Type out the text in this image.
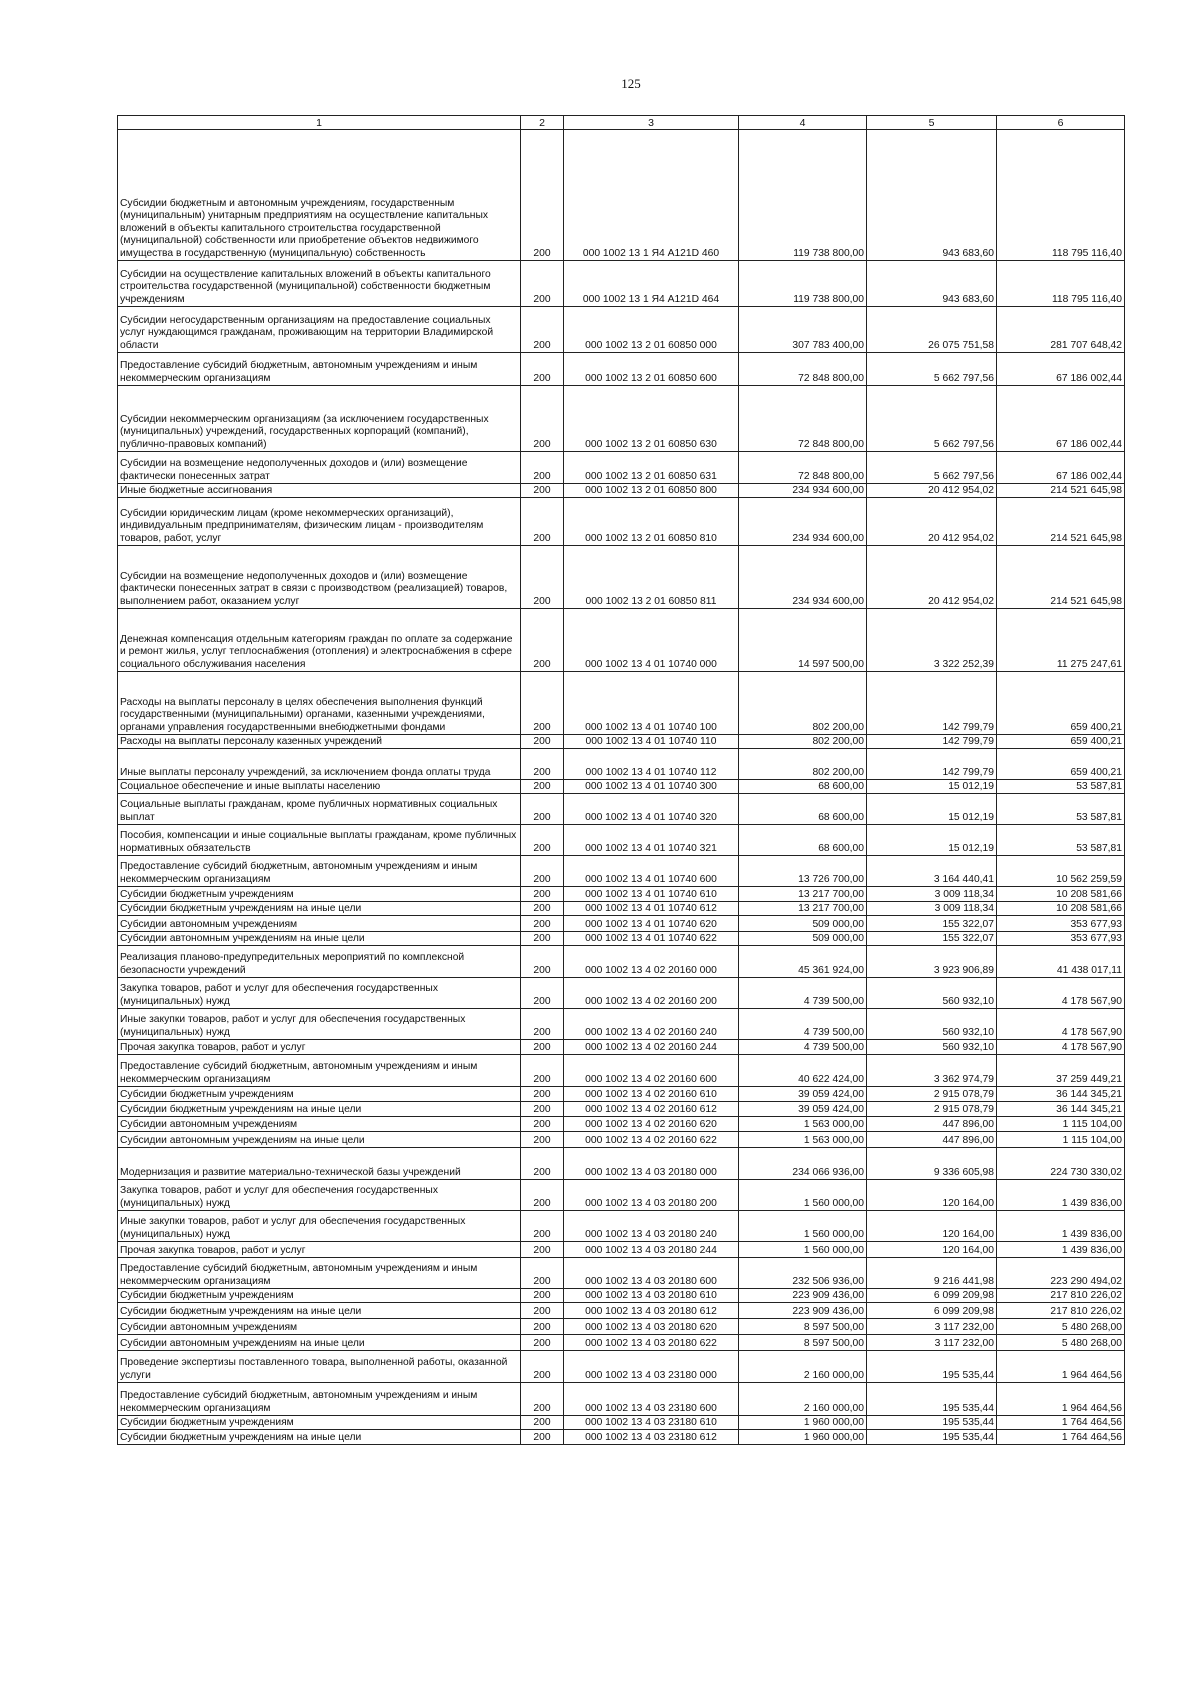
125
1	2	3	4	5	6
Субсидии бюджетным и автономным учреждениям, государственным (муниципальным) унитарным предприятиям на осуществление капитальных вложений в объекты капитального строительства государственной (муниципальной) собственности или приобретение объектов недвижимого имущества в государственную (муниципальную) собственность	200	000 1002 13 1 Я4 А121D 460	119 738 800,00	943 683,60	118 795 116,40
Субсидии на осуществление капитальных вложений в объекты капитального строительства государственной (муниципальной) собственности бюджетным учреждениям	200	000 1002 13 1 Я4 А121D 464	119 738 800,00	943 683,60	118 795 116,40
Субсидии негосударственным организациям на предоставление социальных услуг нуждающимся гражданам, проживающим на территории Владимирской области	200	000 1002 13 2 01 60850 000	307 783 400,00	26 075 751,58	281 707 648,42
Предоставление субсидий бюджетным, автономным учреждениям и иным некоммерческим организациям	200	000 1002 13 2 01 60850 600	72 848 800,00	5 662 797,56	67 186 002,44
Субсидии некоммерческим организациям (за исключением государственных (муниципальных) учреждений, государственных корпораций (компаний), публично-правовых компаний)	200	000 1002 13 2 01 60850 630	72 848 800,00	5 662 797,56	67 186 002,44
Субсидии на возмещение недополученных доходов и (или) возмещение фактически понесенных затрат	200	000 1002 13 2 01 60850 631	72 848 800,00	5 662 797,56	67 186 002,44
Иные бюджетные ассигнования	200	000 1002 13 2 01 60850 800	234 934 600,00	20 412 954,02	214 521 645,98
Субсидии юридическим лицам (кроме некоммерческих организаций), индивидуальным предпринимателям, физическим лицам - производителям товаров, работ, услуг	200	000 1002 13 2 01 60850 810	234 934 600,00	20 412 954,02	214 521 645,98
Субсидии на возмещение недополученных доходов и (или) возмещение фактически понесенных затрат в связи с производством (реализацией) товаров, выполнением работ, оказанием услуг	200	000 1002 13 2 01 60850 811	234 934 600,00	20 412 954,02	214 521 645,98
Денежная компенсация отдельным категориям граждан по оплате за содержание и ремонт жилья, услуг теплоснабжения (отопления) и электроснабжения в сфере социального обслуживания населения	200	000 1002 13 4 01 10740 000	14 597 500,00	3 322 252,39	11 275 247,61
Расходы на выплаты персоналу в целях обеспечения выполнения функций государственными (муниципальными) органами, казенными учреждениями, органами управления государственными внебюджетными фондами	200	000 1002 13 4 01 10740 100	802 200,00	142 799,79	659 400,21
Расходы на выплаты персоналу казенных учреждений	200	000 1002 13 4 01 10740 110	802 200,00	142 799,79	659 400,21
Иные выплаты персоналу учреждений, за исключением фонда оплаты труда	200	000 1002 13 4 01 10740 112	802 200,00	142 799,79	659 400,21
Социальное обеспечение и иные выплаты населению	200	000 1002 13 4 01 10740 300	68 600,00	15 012,19	53 587,81
Социальные выплаты гражданам, кроме публичных нормативных социальных выплат	200	000 1002 13 4 01 10740 320	68 600,00	15 012,19	53 587,81
Пособия, компенсации и иные социальные выплаты гражданам, кроме публичных нормативных обязательств	200	000 1002 13 4 01 10740 321	68 600,00	15 012,19	53 587,81
Предоставление субсидий бюджетным, автономным учреждениям и иным некоммерческим организациям	200	000 1002 13 4 01 10740 600	13 726 700,00	3 164 440,41	10 562 259,59
Субсидии бюджетным учреждениям	200	000 1002 13 4 01 10740 610	13 217 700,00	3 009 118,34	10 208 581,66
Субсидии бюджетным учреждениям на иные цели	200	000 1002 13 4 01 10740 612	13 217 700,00	3 009 118,34	10 208 581,66
Субсидии автономным учреждениям	200	000 1002 13 4 01 10740 620	509 000,00	155 322,07	353 677,93
Субсидии автономным учреждениям на иные цели	200	000 1002 13 4 01 10740 622	509 000,00	155 322,07	353 677,93
Реализация планово-предупредительных мероприятий по комплексной безопасности учреждений	200	000 1002 13 4 02 20160 000	45 361 924,00	3 923 906,89	41 438 017,11
Закупка товаров, работ и услуг для обеспечения государственных (муниципальных) нужд	200	000 1002 13 4 02 20160 200	4 739 500,00	560 932,10	4 178 567,90
Иные закупки товаров, работ и услуг для обеспечения государственных (муниципальных) нужд	200	000 1002 13 4 02 20160 240	4 739 500,00	560 932,10	4 178 567,90
Прочая закупка товаров, работ и услуг	200	000 1002 13 4 02 20160 244	4 739 500,00	560 932,10	4 178 567,90
Предоставление субсидий бюджетным, автономным учреждениям и иным некоммерческим организациям	200	000 1002 13 4 02 20160 600	40 622 424,00	3 362 974,79	37 259 449,21
Субсидии бюджетным учреждениям	200	000 1002 13 4 02 20160 610	39 059 424,00	2 915 078,79	36 144 345,21
Субсидии бюджетным учреждениям на иные цели	200	000 1002 13 4 02 20160 612	39 059 424,00	2 915 078,79	36 144 345,21
Субсидии автономным учреждениям	200	000 1002 13 4 02 20160 620	1 563 000,00	447 896,00	1 115 104,00
Субсидии автономным учреждениям на иные цели	200	000 1002 13 4 02 20160 622	1 563 000,00	447 896,00	1 115 104,00
Модернизация и развитие материально-технической базы учреждений	200	000 1002 13 4 03 20180 000	234 066 936,00	9 336 605,98	224 730 330,02
Закупка товаров, работ и услуг для обеспечения государственных (муниципальных) нужд	200	000 1002 13 4 03 20180 200	1 560 000,00	120 164,00	1 439 836,00
Иные закупки товаров, работ и услуг для обеспечения государственных (муниципальных) нужд	200	000 1002 13 4 03 20180 240	1 560 000,00	120 164,00	1 439 836,00
Прочая закупка товаров, работ и услуг	200	000 1002 13 4 03 20180 244	1 560 000,00	120 164,00	1 439 836,00
Предоставление субсидий бюджетным, автономным учреждениям и иным некоммерческим организациям	200	000 1002 13 4 03 20180 600	232 506 936,00	9 216 441,98	223 290 494,02
Субсидии бюджетным учреждениям	200	000 1002 13 4 03 20180 610	223 909 436,00	6 099 209,98	217 810 226,02
Субсидии бюджетным учреждениям на иные цели	200	000 1002 13 4 03 20180 612	223 909 436,00	6 099 209,98	217 810 226,02
Субсидии автономным учреждениям	200	000 1002 13 4 03 20180 620	8 597 500,00	3 117 232,00	5 480 268,00
Субсидии автономным учреждениям на иные цели	200	000 1002 13 4 03 20180 622	8 597 500,00	3 117 232,00	5 480 268,00
Проведение экспертизы поставленного товара, выполненной работы, оказанной услуги	200	000 1002 13 4 03 23180 000	2 160 000,00	195 535,44	1 964 464,56
Предоставление субсидий бюджетным, автономным учреждениям и иным некоммерческим организациям	200	000 1002 13 4 03 23180 600	2 160 000,00	195 535,44	1 964 464,56
Субсидии бюджетным учреждениям	200	000 1002 13 4 03 23180 610	1 960 000,00	195 535,44	1 764 464,56
Субсидии бюджетным учреждениям на иные цели	200	000 1002 13 4 03 23180 612	1 960 000,00	195 535,44	1 764 464,56
